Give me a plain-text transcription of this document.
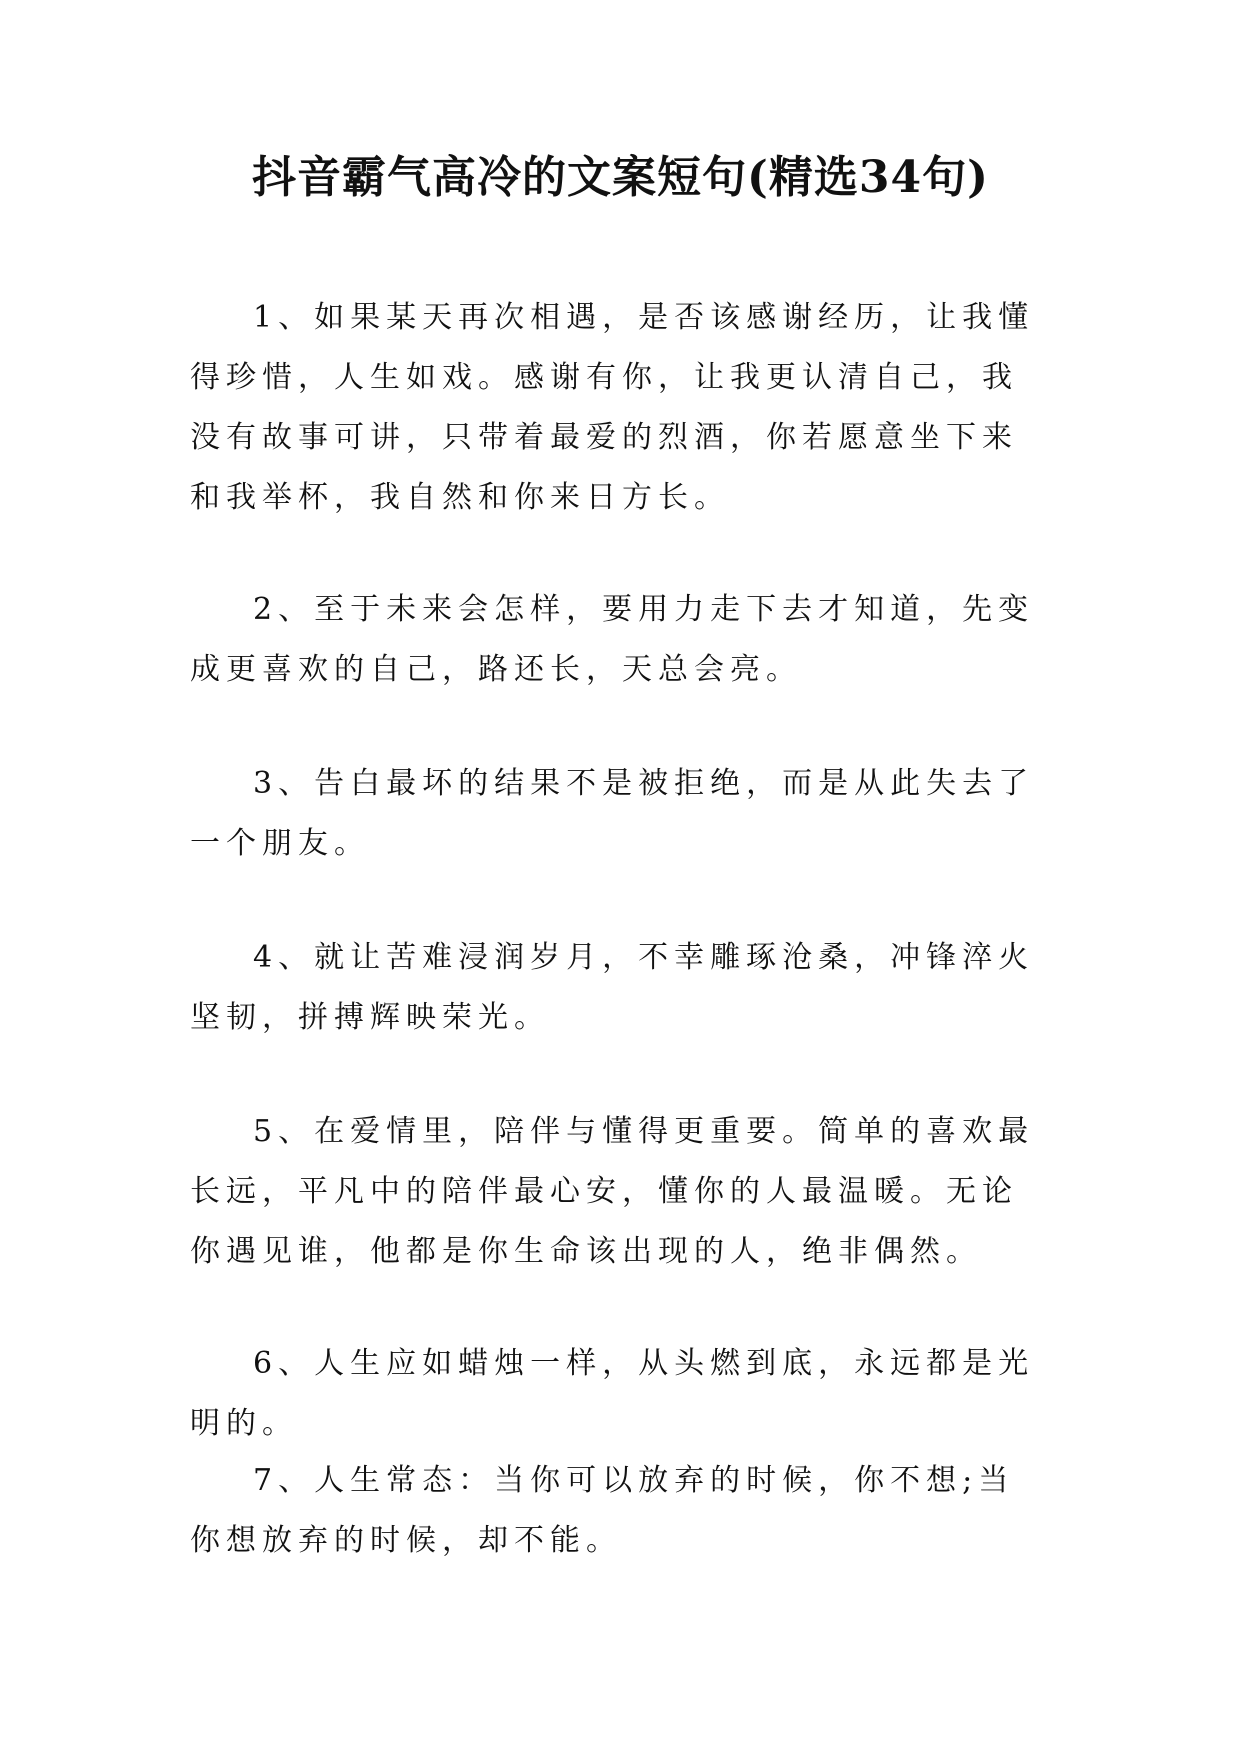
抖音霸气高冷的文案短句(精选34句)

1、如果某天再次相遇，是否该感谢经历，让我懂得珍惜，人生如戏。感谢有你，让我更认清自己，我没有故事可讲，只带着最爱的烈酒，你若愿意坐下来和我举杯，我自然和你来日方长。

2、至于未来会怎样，要用力走下去才知道，先变成更喜欢的自己，路还长，天总会亮。

3、告白最坏的结果不是被拒绝，而是从此失去了一个朋友。

4、就让苦难浸润岁月，不幸雕琢沧桑，冲锋淬火坚韧，拼搏辉映荣光。

5、在爱情里，陪伴与懂得更重要。简单的喜欢最长远，平凡中的陪伴最心安，懂你的人最温暖。无论你遇见谁，他都是你生命该出现的人，绝非偶然。

6、人生应如蜡烛一样，从头燃到底，永远都是光明的。

7、人生常态：当你可以放弃的时候，你不想;当你想放弃的时候，却不能。
